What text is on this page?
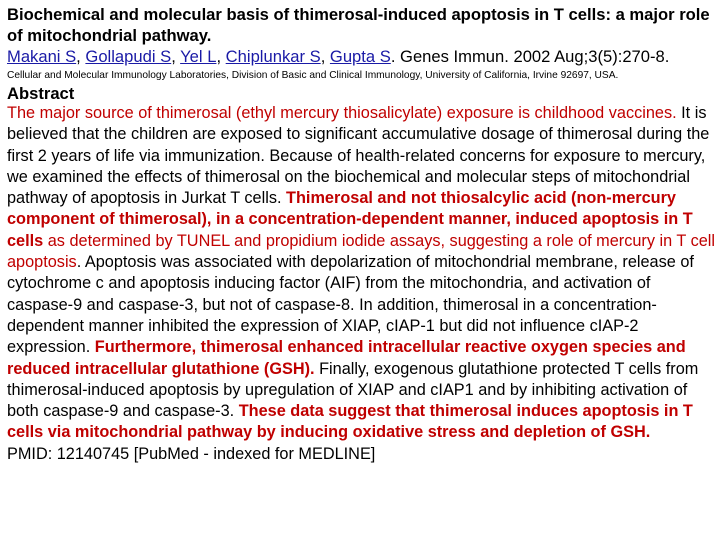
Biochemical and molecular basis of thimerosal-induced apoptosis in T cells: a major role of mitochondrial pathway.

Makani S, Gollapudi S, Yel L, Chiplunkar S, Gupta S. Genes Immun. 2002 Aug;3(5):270-8.

Cellular and Molecular Immunology Laboratories, Division of Basic and Clinical Immunology, University of California, Irvine 92697, USA.

Abstract

The major source of thimerosal (ethyl mercury thiosalicylate) exposure is childhood vaccines. It is believed that the children are exposed to significant accumulative dosage of thimerosal during the first 2 years of life via immunization. Because of health-related concerns for exposure to mercury, we examined the effects of thimerosal on the biochemical and molecular steps of mitochondrial pathway of apoptosis in Jurkat T cells. Thimerosal and not thiosalcylic acid (non-mercury component of thimerosal), in a concentration-dependent manner, induced apoptosis in T cells as determined by TUNEL and propidium iodide assays, suggesting a role of mercury in T cell apoptosis. Apoptosis was associated with depolarization of mitochondrial membrane, release of cytochrome c and apoptosis inducing factor (AIF) from the mitochondria, and activation of caspase-9 and caspase-3, but not of caspase-8. In addition, thimerosal in a concentration-dependent manner inhibited the expression of XIAP, cIAP-1 but did not influence cIAP-2 expression. Furthermore, thimerosal enhanced intracellular reactive oxygen species and reduced intracellular glutathione (GSH). Finally, exogenous glutathione protected T cells from thimerosal-induced apoptosis by upregulation of XIAP and cIAP1 and by inhibiting activation of both caspase-9 and caspase-3. These data suggest that thimerosal induces apoptosis in T cells via mitochondrial pathway by inducing oxidative stress and depletion of GSH.

PMID: 12140745 [PubMed - indexed for MEDLINE]
